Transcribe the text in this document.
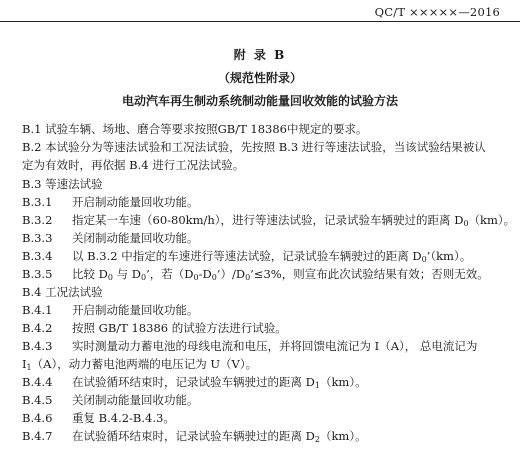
QC/T ×××××—2016
附 录 B
（规范性附录）
电动汽车再生制动系统制动能量回收效能的试验方法
B.1 试验车辆、场地、磨合等要求按照GB/T 18386中规定的要求。
B.2 本试验分为等速法试验和工况法试验，先按照 B.3 进行等速法试验，当该试验结果被认
定为有效时，再依据 B.4 进行工况法试验。
B.3 等速法试验
B.3.1 开启制动能量回收功能。
B.3.2 指定某一车速（60-80km/h），进行等速法试验，记录试验车辆驶过的距离 $D_0(km)$。
B.3.3 关闭制动能量回收功能。
B.3.4 以 B.3.2 中指定的车速进行等速法试验，记录试验车辆驶过的距离 $D_0’(km)$。
B.3.5 比较 $D_0$ 与 $D_0$’，若$(D_0-D_0’)/D_0’\le 3\%$，则宣布此次试验结果有效；否则无效。
B.4 工况法试验
B.4.1 开启制动能量回收功能。
B.4.2 按照 GB/T 18386 的试验方法进行试验。
B.4.3 实时测量动力蓄电池的母线电流和电压，并将回馈电流记为 I（A）， 总电流记为
$I_1(A)$，动力蓄电池两端的电压记为 U（V）。
B.4.4 在试验循环结束时，记录试验车辆驶过的距离 $D_1(km)$。
B.4.5 关闭制动能量回收功能。
B.4.6 重复 B.4.2-B.4.3。
B.4.7 在试验循环结束时，记录试验车辆驶过的距离 $D_2(km)$。
